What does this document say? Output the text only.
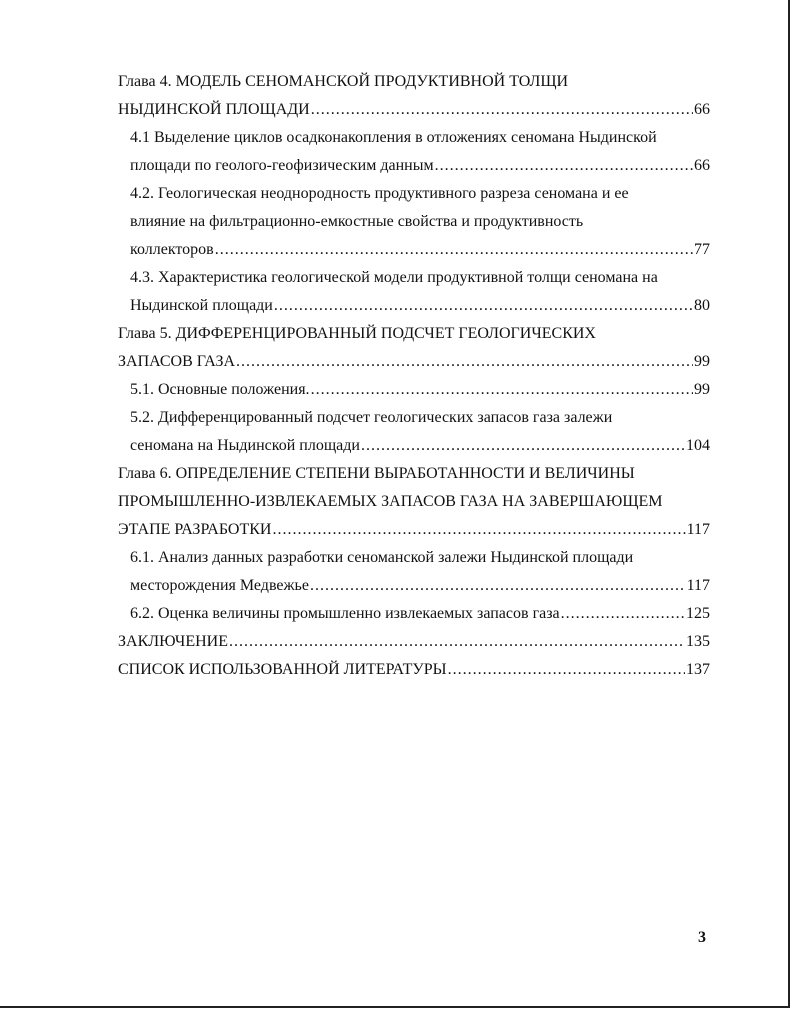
Глава 4. МОДЕЛЬ СЕНОМАНСКОЙ ПРОДУКТИВНОЙ ТОЛЩИ
НЫДИНСКОЙ ПЛОЩАДИ .....	66
4.1 Выделение циклов осадконакопления в отложениях сеномана Ныдинской
площади по геолого-геофизическим данным .....	66
4.2. Геологическая неоднородность продуктивного разреза сеномана и ее
влияние на фильтрационно-емкостные свойства и продуктивность
коллекторов .....	77
4.3. Характеристика геологической модели продуктивной толщи сеномана на
Ныдинской площади .....	80
Глава 5. ДИФФЕРЕНЦИРОВАННЫЙ ПОДСЧЕТ ГЕОЛОГИЧЕСКИХ
ЗАПАСОВ ГАЗА .....	99
5.1. Основные положения. .....	99
5.2. Дифференцированный подсчет геологических запасов газа залежи
сеномана на Ныдинской площади .....	104
Глава 6. ОПРЕДЕЛЕНИЕ СТЕПЕНИ ВЫРАБОТАННОСТИ И ВЕЛИЧИНЫ
ПРОМЫШЛЕННО-ИЗВЛЕКАЕМЫХ ЗАПАСОВ ГАЗА НА ЗАВЕРШАЮЩЕМ
ЭТАПЕ РАЗРАБОТКИ .....	117
6.1. Анализ данных разработки сеноманской залежи Ныдинской площади
месторождения Медвежье .....	117
6.2. Оценка величины промышленно извлекаемых запасов газа .....	125
ЗАКЛЮЧЕНИЕ .....	135
СПИСОК ИСПОЛЬЗОВАННОЙ ЛИТЕРАТУРЫ .....	137
3
